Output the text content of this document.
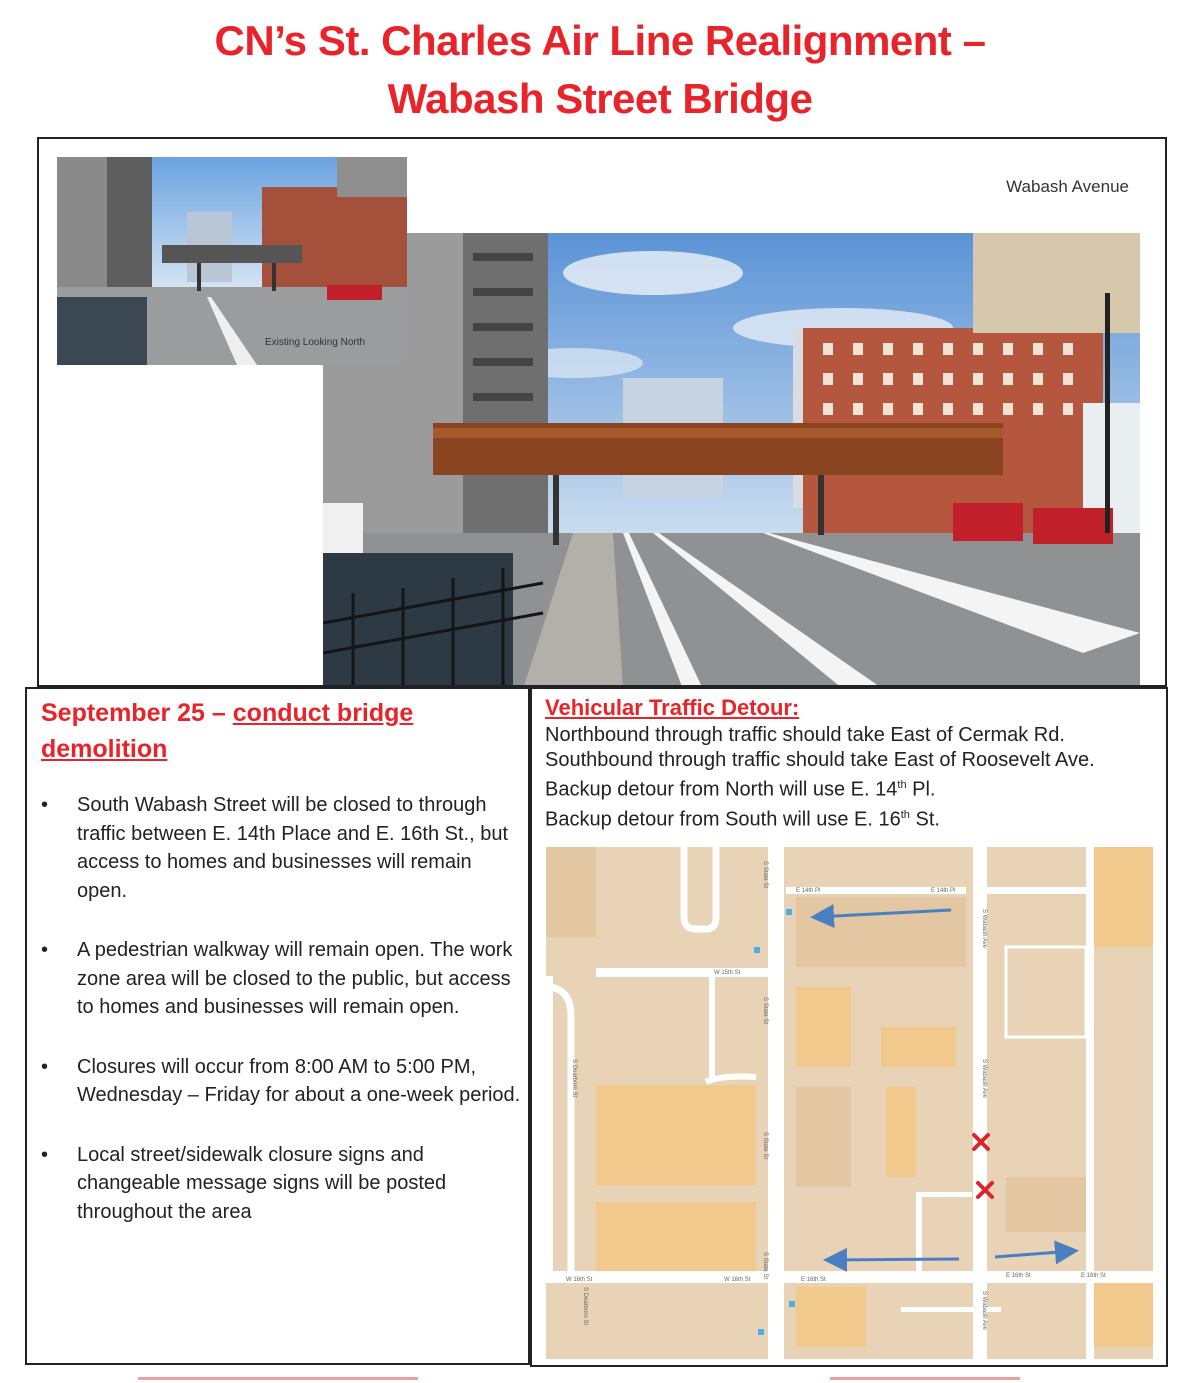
CN’s St. Charles Air Line Realignment –
Wabash Street Bridge
Wabash Avenue
Existing Looking North
September 25 – conduct bridge
demolition
• South Wabash Street will be closed to through traffic between E. 14th Place and E. 16th St., but access to homes and businesses will remain open.
• A pedestrian walkway will remain open. The work zone area will be closed to the public, but access to homes and businesses will remain open.
• Closures will occur from 8:00 AM to 5:00 PM, Wednesday – Friday for about a one-week period.
• Local street/sidewalk closure signs and changeable message signs will be posted throughout the area
Vehicular Traffic Detour:
Northbound through traffic should take East of Cermak Rd.
Southbound through traffic should take East of Roosevelt Ave.
Backup detour from North will use E. 14th Pl.
Backup detour from South will use E. 16th St.
E 14th Pl	E 14th Pl
W 15th St
W 16th St	W 16th St	E 16th St
E 16th St	E 16th St
S State St
S State St
S State St
S State St
S Wabash Ave
S Wabash Ave
S Wabash Ave
S Dearborn St
S Dearborn St
